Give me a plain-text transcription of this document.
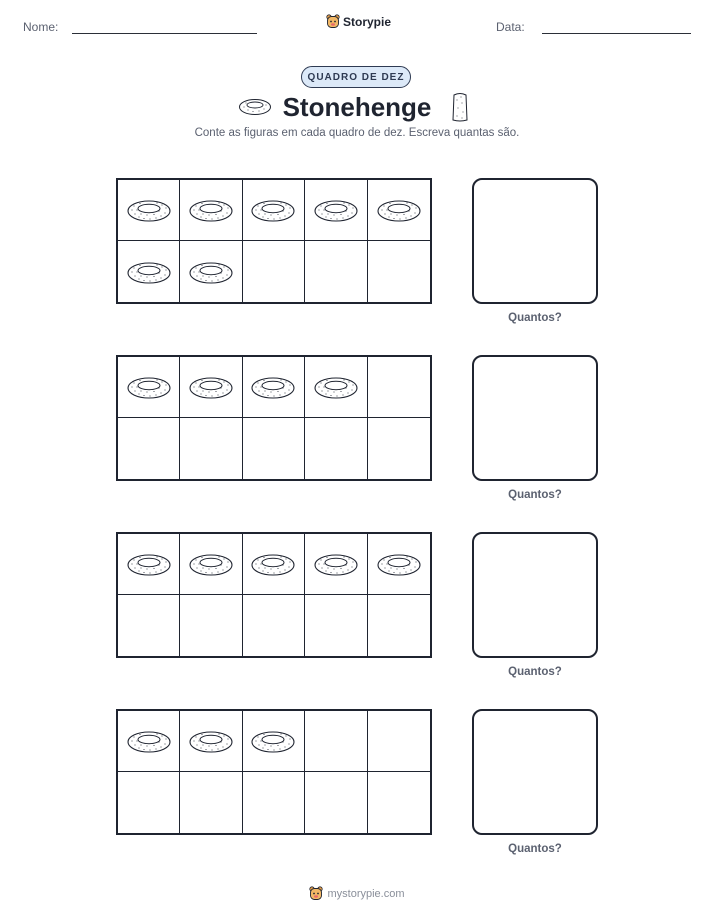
Nome:	Storypie	Data:
QUADRO DE DEZ
Stonehenge
Conte as figuras em cada quadro de dez. Escreva quantas são.
Quantos?
Quantos?
Quantos?
Quantos?
mystorypie.com
